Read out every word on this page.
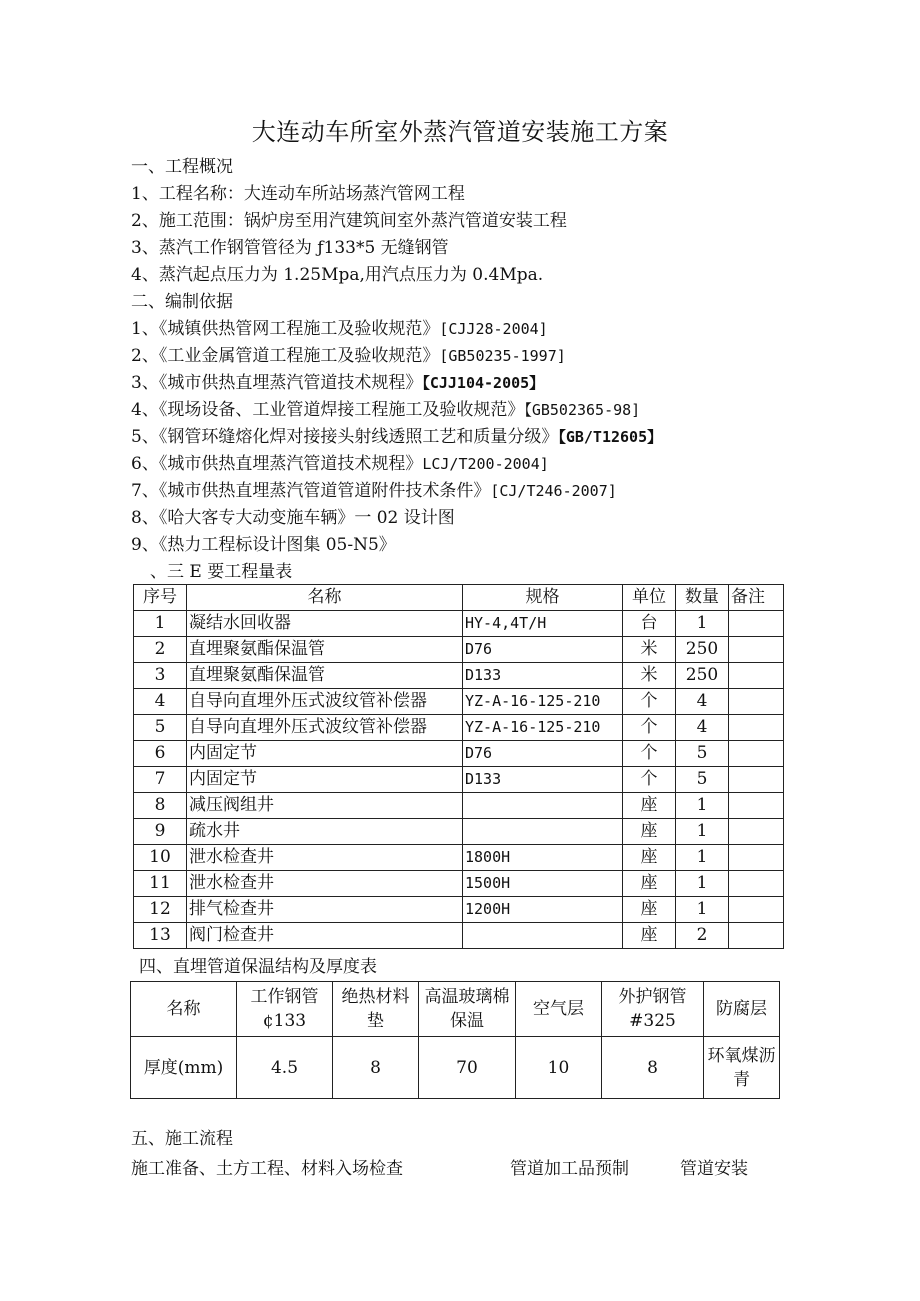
大连动车所室外蒸汽管道安装施工方案
一、工程概况
1、工程名称：大连动车所站场蒸汽管网工程
2、施工范围：锅炉房至用汽建筑间室外蒸汽管道安装工程
3、蒸汽工作钢管管径为 ƒ133*5 无缝钢管
4、蒸汽起点压力为 1.25Mpa,用汽点压力为 0.4Mpa.
二、编制依据
1、《城镇供热管网工程施工及验收规范》[CJJ28-2004]
2、《工业金属管道工程施工及验收规范》[GB50235-1997]
3、《城市供热直埋蒸汽管道技术规程》【CJJ104-2005】
4、《现场设备、工业管道焊接工程施工及验收规范》【GB502365-98]
5、《钢管环缝熔化焊对接接头射线透照工艺和质量分级》【GB/T12605】
6、《城市供热直埋蒸汽管道技术规程》LCJ/T200-2004]
7、《城市供热直埋蒸汽管道管道附件技术条件》[CJ/T246-2007]
8、《哈大客专大动变施车辆》一 02 设计图
9、《热力工程标设计图集 05-N5》
、三 E 要工程量表
序号	名称	规格	单位	数量	备注
1	凝结水回收器	HY-4,4T/H	台	1	
2	直埋聚氨酯保温管	D76	米	250	
3	直埋聚氨酯保温管	D133	米	250	
4	自导向直埋外压式波纹管补偿器	YZ-A-16-125-210	个	4	
5	自导向直埋外压式波纹管补偿器	YZ-A-16-125-210	个	4	
6	内固定节	D76	个	5	
7	内固定节	D133	个	5	
8	减压阀组井		座	1	
9	疏水井		座	1	
10	泄水检查井	1800H	座	1	
11	泄水检查井	1500H	座	1	
12	排气检查井	1200H	座	1	
13	阀门检查井		座	2	
四、直埋管道保温结构及厚度表
名称	工作钢管 ¢133	绝热材料垫	高温玻璃棉保温	空气层	外护钢管 #325	防腐层
厚度(mm)	4.5	8	70	10	8	环氧煤沥青
五、施工流程
施工准备、土方工程、材料入场检查	管道加工品预制	管道安装
